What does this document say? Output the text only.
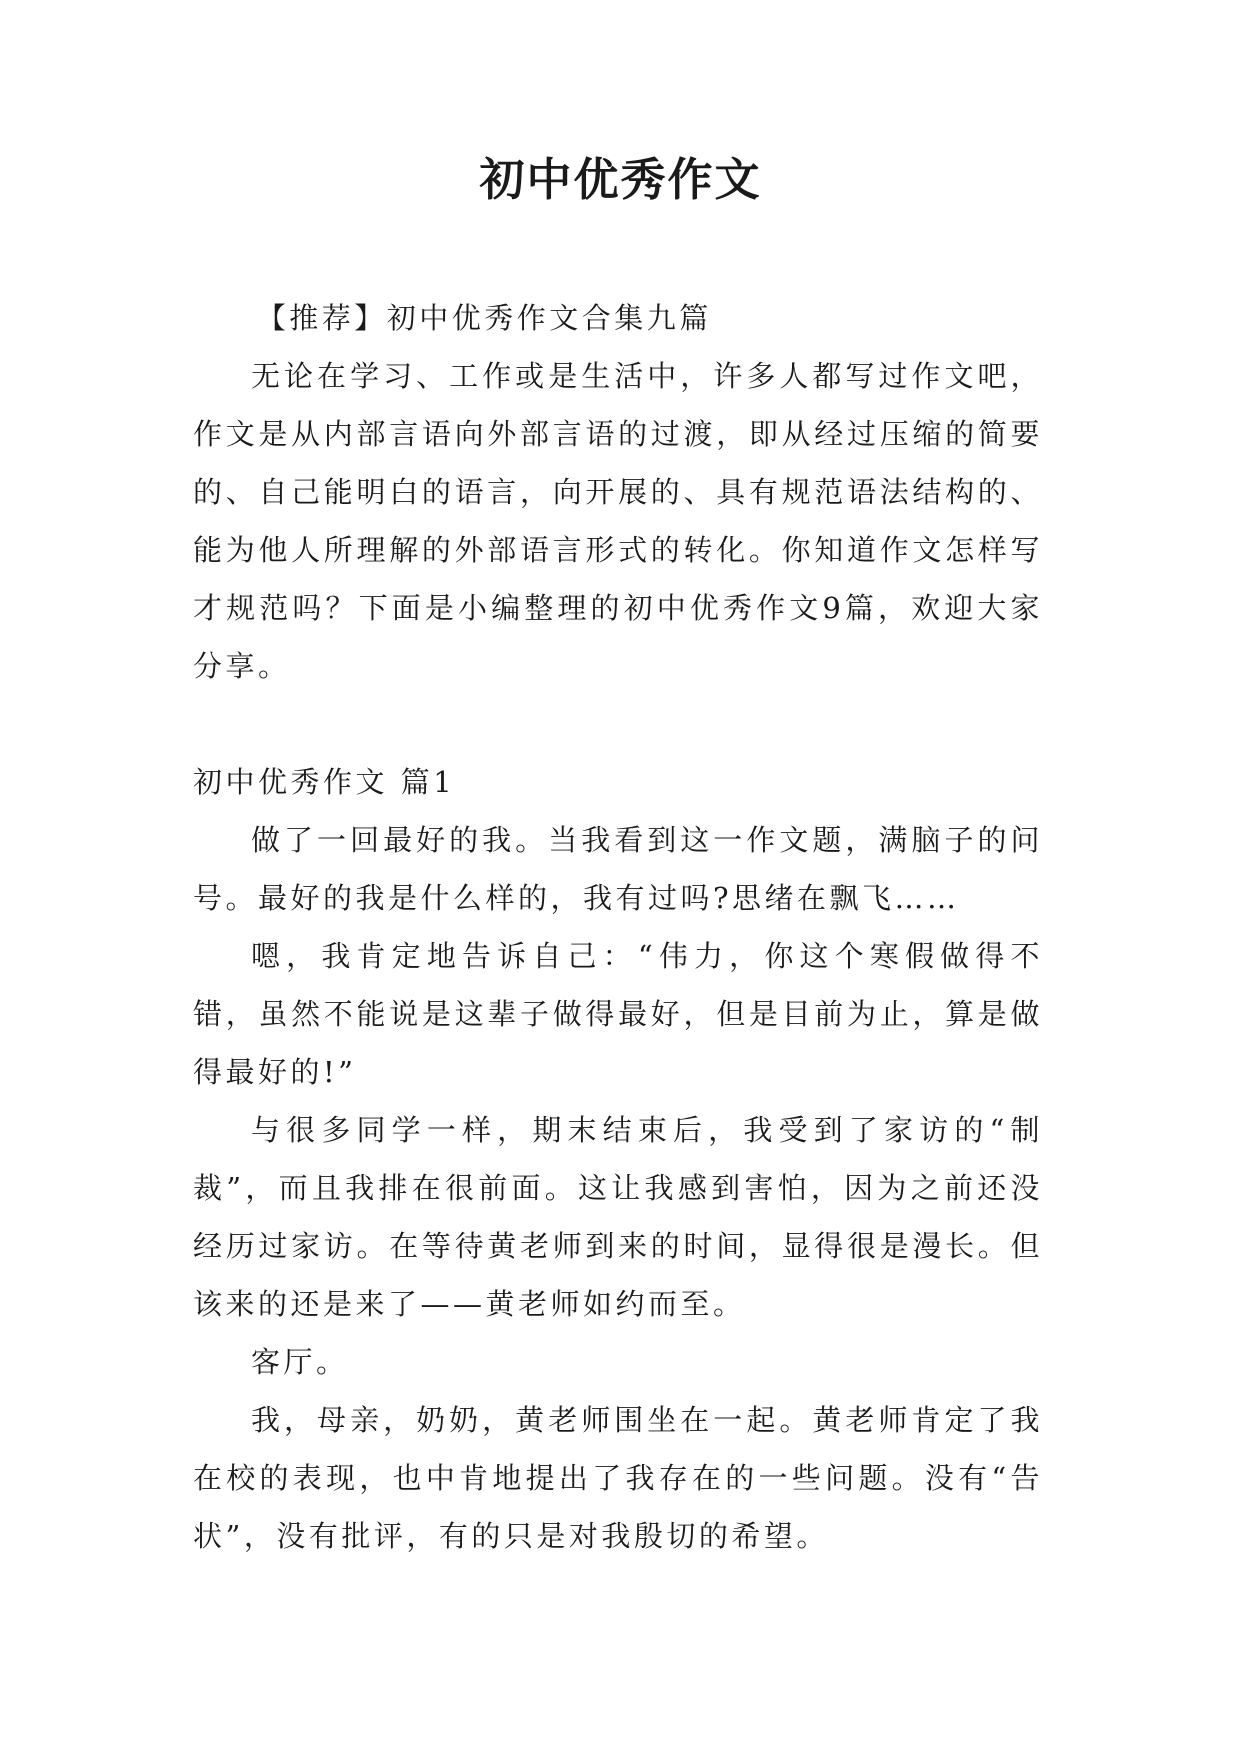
初中优秀作文

【推荐】初中优秀作文合集九篇

无论在学习、工作或是生活中，许多人都写过作文吧，作文是从内部言语向外部言语的过渡，即从经过压缩的简要的、自己能明白的语言，向开展的、具有规范语法结构的、能为他人所理解的外部语言形式的转化。你知道作文怎样写才规范吗？下面是小编整理的初中优秀作文9篇，欢迎大家分享。

初中优秀作文 篇1

做了一回最好的我。当我看到这一作文题，满脑子的问号。最好的我是什么样的，我有过吗?思绪在飘飞……

嗯，我肯定地告诉自己：“伟力，你这个寒假做得不错，虽然不能说是这辈子做得最好，但是目前为止，算是做得最好的!”

与很多同学一样，期末结束后，我受到了家访的“制裁”，而且我排在很前面。这让我感到害怕，因为之前还没经历过家访。在等待黄老师到来的时间，显得很是漫长。但该来的还是来了——黄老师如约而至。

客厅。

我，母亲，奶奶，黄老师围坐在一起。黄老师肯定了我在校的表现，也中肯地提出了我存在的一些问题。没有“告状”，没有批评，有的只是对我殷切的希望。
